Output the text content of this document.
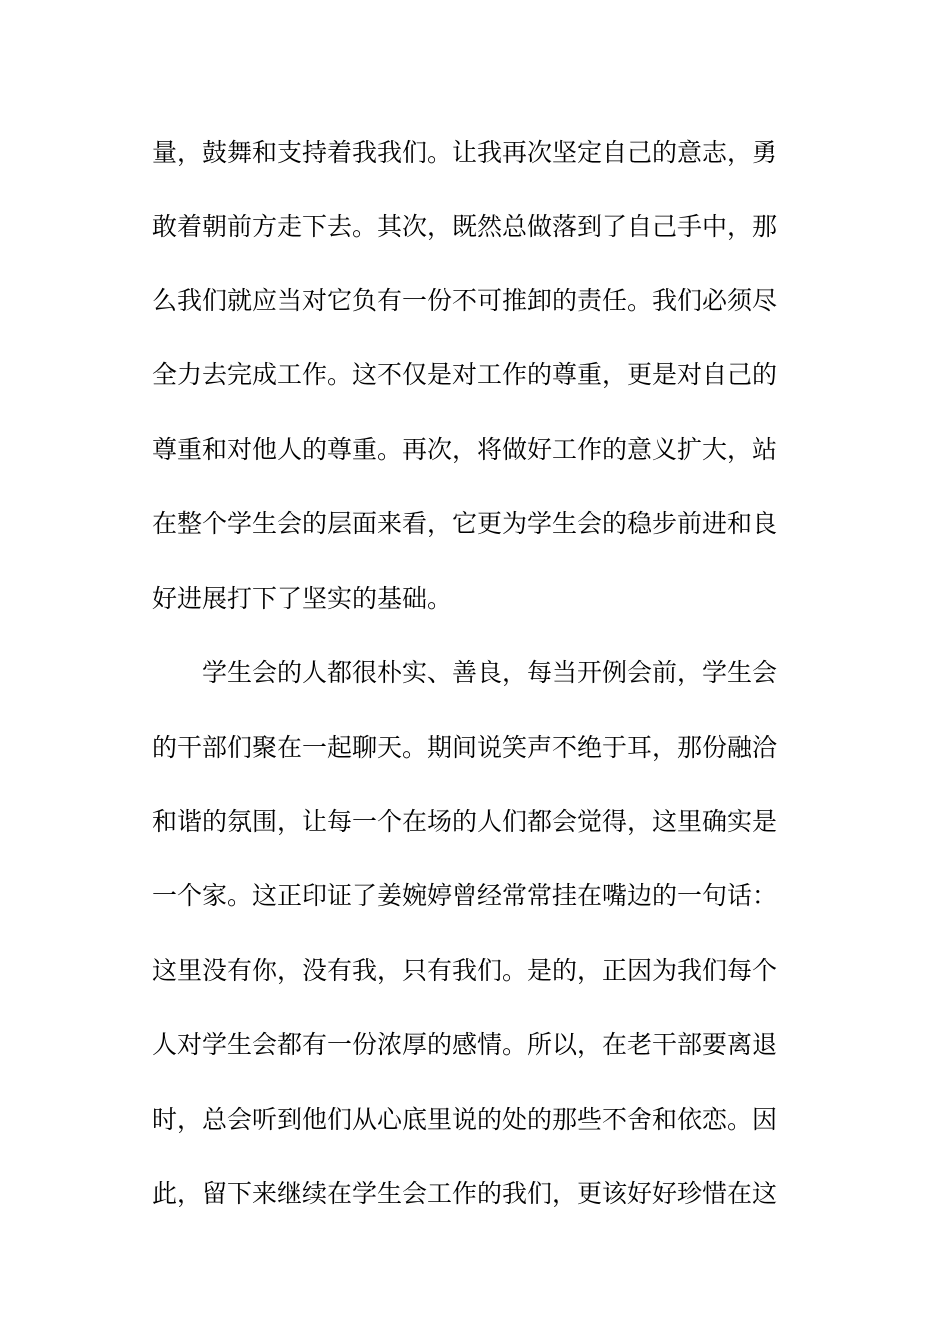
量，鼓舞和支持着我我们。让我再次坚定自己的意志，勇
敢着朝前方走下去。其次，既然总做落到了自己手中，那
么我们就应当对它负有一份不可推卸的责任。我们必须尽
全力去完成工作。这不仅是对工作的尊重，更是对自己的
尊重和对他人的尊重。再次，将做好工作的意义扩大，站
在整个学生会的层面来看，它更为学生会的稳步前进和良
好进展打下了坚实的基础。
学生会的人都很朴实、善良，每当开例会前，学生会
的干部们聚在一起聊天。期间说笑声不绝于耳，那份融洽
和谐的氛围，让每一个在场的人们都会觉得，这里确实是
一个家。这正印证了姜婉婷曾经常常挂在嘴边的一句话：
这里没有你，没有我，只有我们。是的，正因为我们每个
人对学生会都有一份浓厚的感情。所以，在老干部要离退
时，总会听到他们从心底里说的处的那些不舍和依恋。因
此，留下来继续在学生会工作的我们，更该好好珍惜在这
